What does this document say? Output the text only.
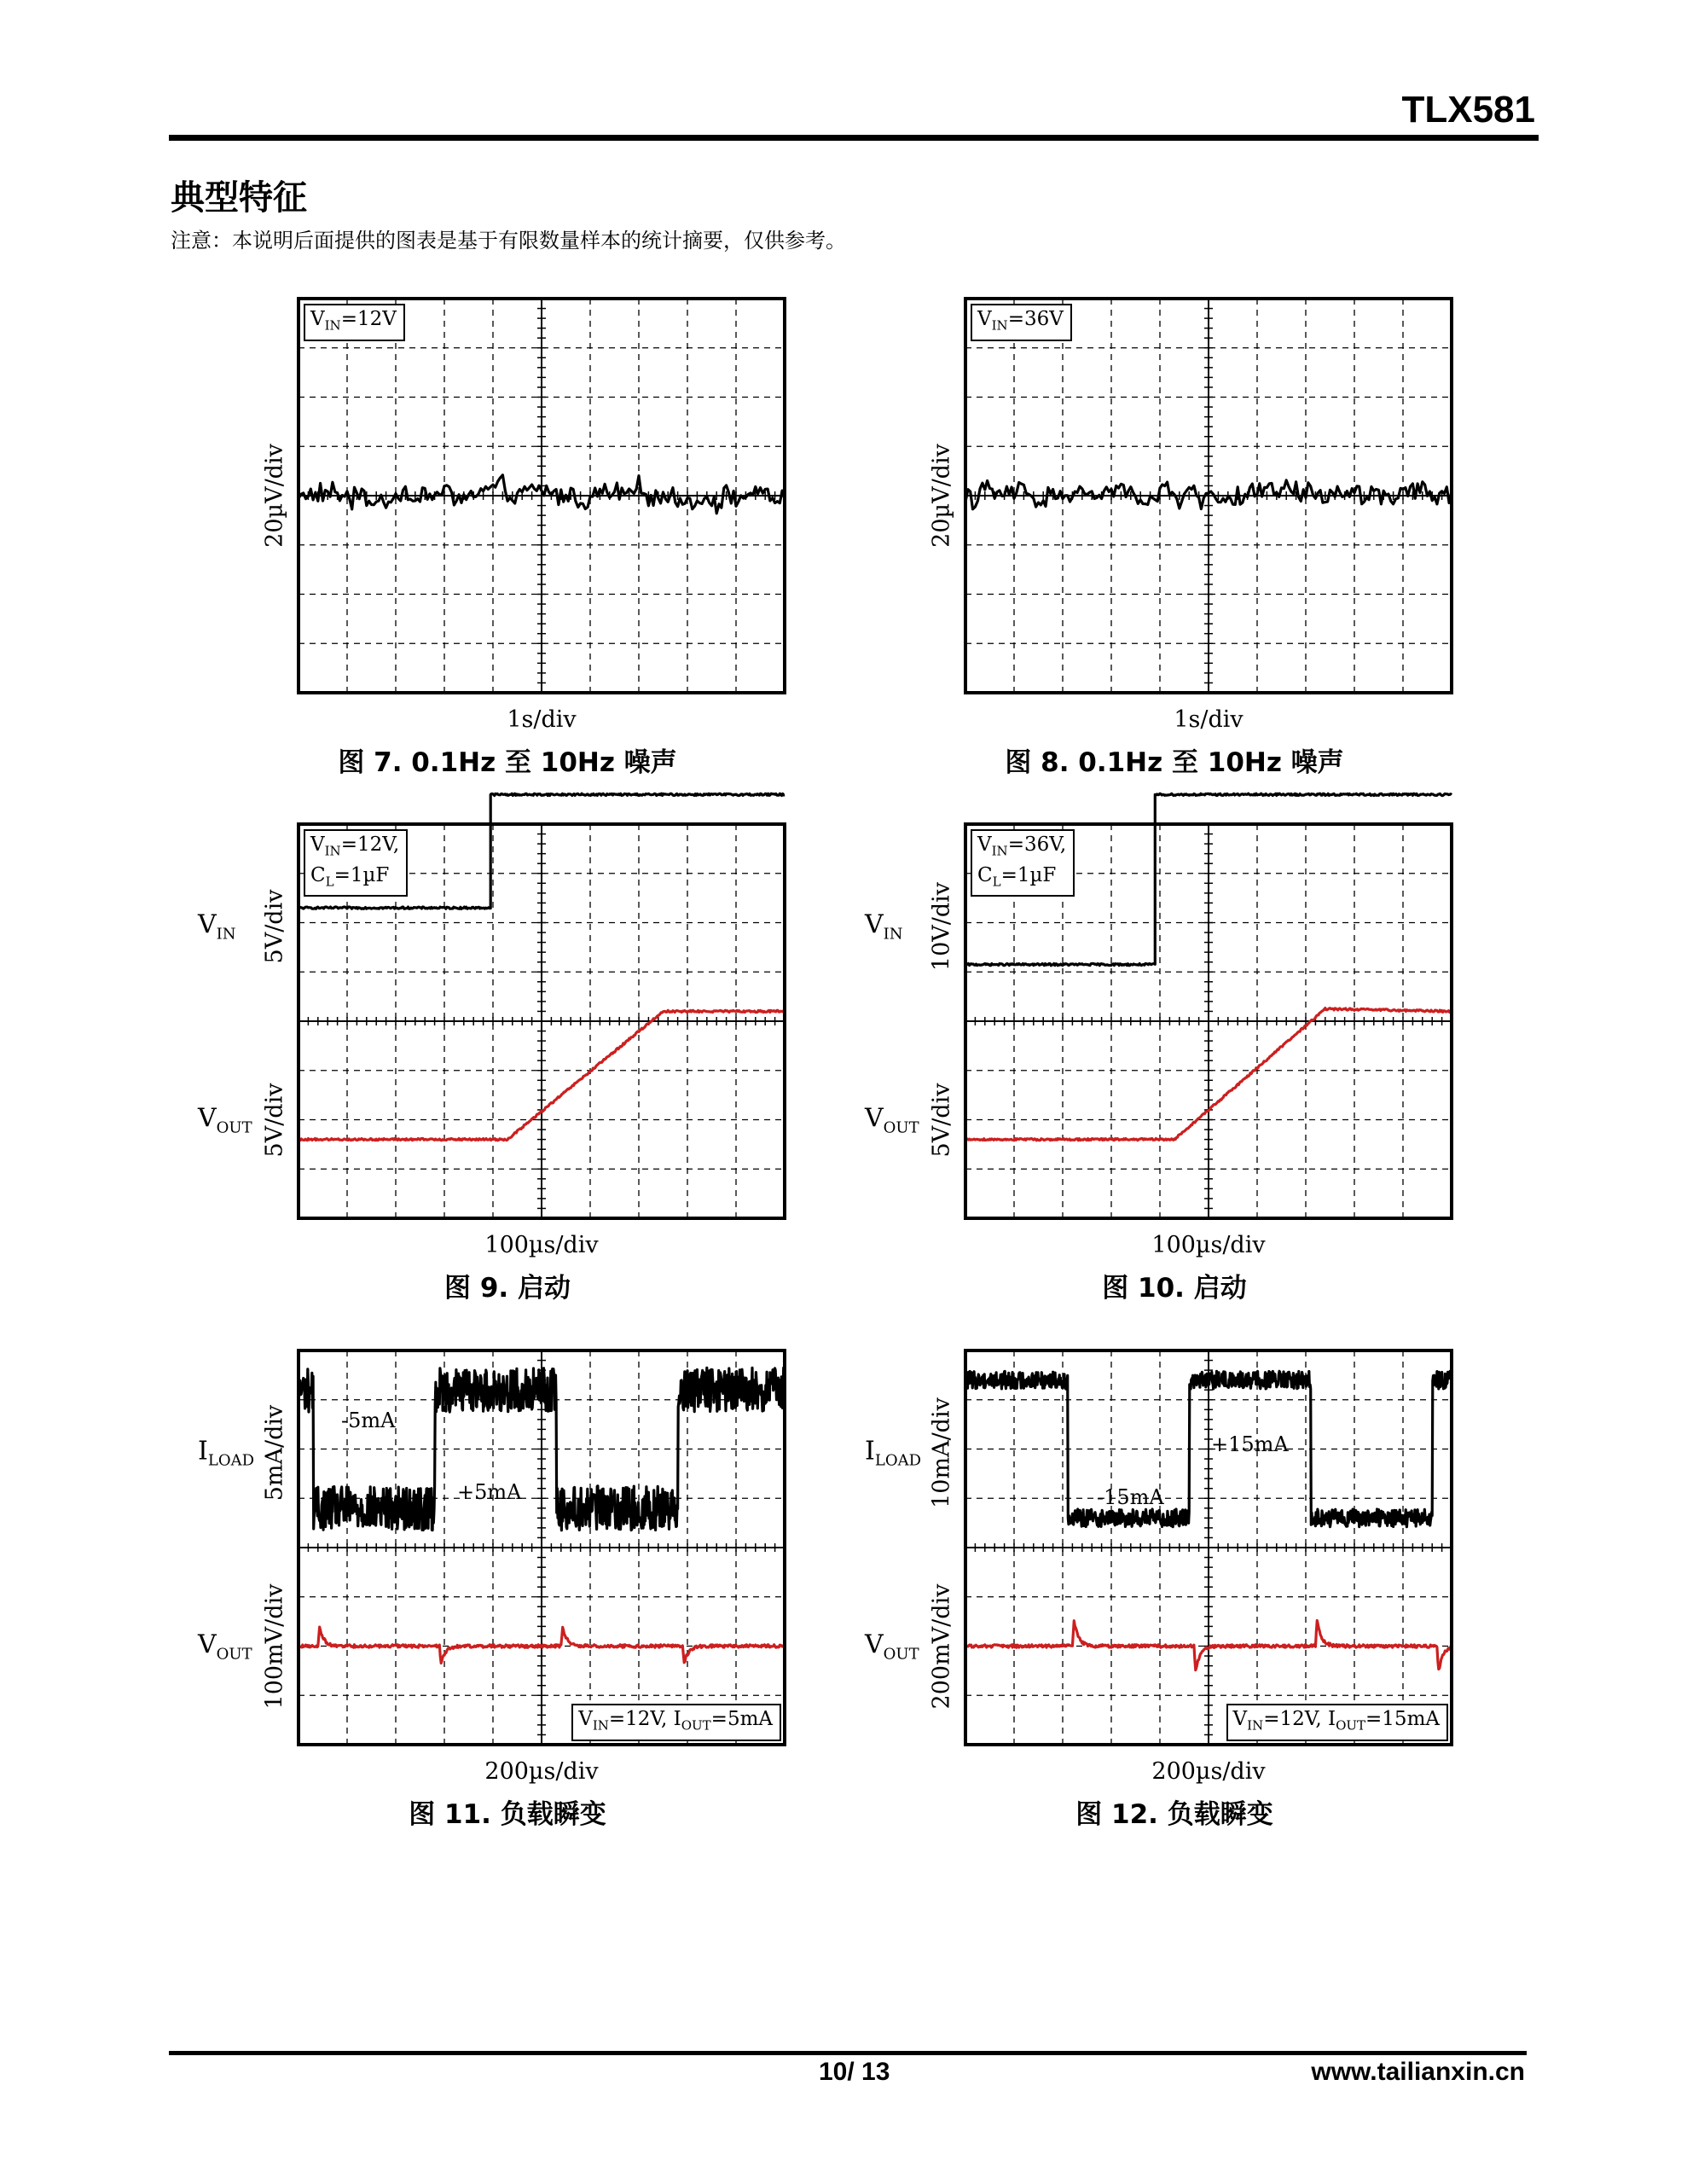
TLX581
典型特征
注意：本说明后面提供的图表是基于有限数量样本的统计摘要，仅供参考。
$V_{IN}=12V$
20µV/div
1s/div
图 7. 0.1Hz 至 10Hz 噪声
$V_{IN}=36V$
20µV/div
1s/div
图 8. 0.1Hz 至 10Hz 噪声
$V_{IN}=12V$,
$C_L=1\mu F$
5V/div
$V_{IN}$
5V/div
$V_{OUT}$
100µs/div
图 9. 启动
$V_{IN}=36V$,
$C_L=1\mu F$
10V/div
$V_{IN}$
5V/div
$V_{OUT}$
100µs/div
图 10. 启动
$V_{IN}=12V$, $I_{OUT}=5mA$
-5mA
+5mA
5mA/div
$I_{LOAD}$
100mV/div
$V_{OUT}$
200µs/div
图 11. 负载瞬变
$V_{IN}=12V$, $I_{OUT}=15mA$
-15mA
+15mA
10mA/div
$I_{LOAD}$
200mV/div
$V_{OUT}$
200µs/div
图 12. 负载瞬变
10/ 13	www.tailianxin.cn
